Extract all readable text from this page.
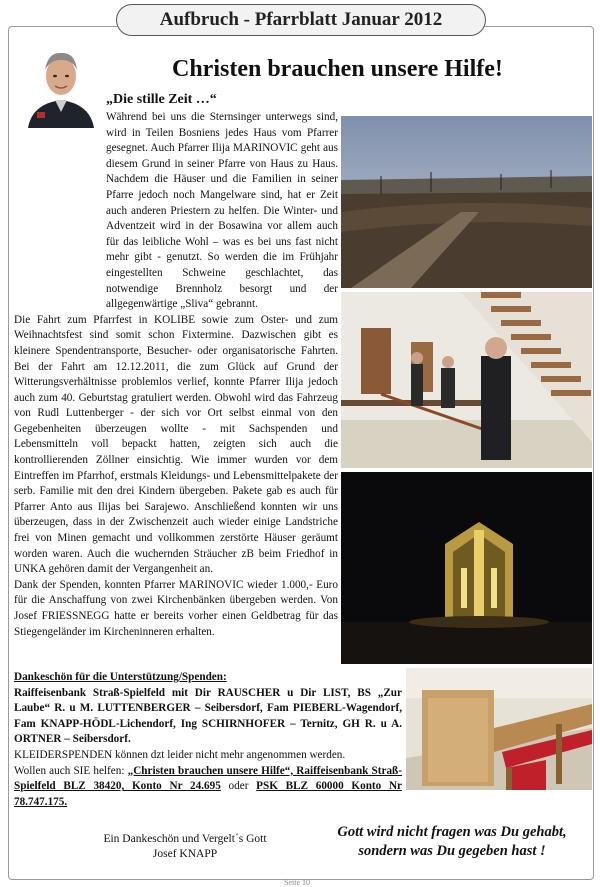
Aufbruch - Pfarrblatt Januar 2012
Christen brauchen unsere Hilfe!
„Die stille Zeit …“
Während bei uns die Sternsinger unterwegs sind, wird in Teilen Bosniens jedes Haus vom Pfarrer gesegnet. Auch Pfarrer Ilija MARINOVIC geht aus diesem Grund in seiner Pfarre von Haus zu Haus. Nachdem die Häuser und die Familien in seiner Pfarre jedoch noch Mangelware sind, hat er Zeit auch anderen Priestern zu helfen. Die Winter- und Adventzeit wird in der Bosawina vor allem auch für das leibliche Wohl – was es bei uns fast nicht mehr gibt - genutzt. So werden die im Frühjahr eingestellten Schweine geschlachtet, das notwendige Brennholz besorgt und der allgegenwärtige „Sliva“ gebrannt.
Die Fahrt zum Pfarrfest in KOLIBE sowie zum Oster- und zum Weihnachtsfest sind somit schon Fixtermine. Dazwischen gibt es kleinere Spendentransporte, Besucher- oder organisatorische Fahrten. Bei der Fahrt am 12.12.2011, die zum Glück auf Grund der Witterungsverhältnisse problemlos verlief, konnte Pfarrer Ilija jedoch auch zum 40. Geburtstag gratuliert werden. Obwohl wird das Fahrzeug von Rudl Luttenberger - der sich vor Ort selbst einmal von den Gegebenheiten überzeugen wollte - mit Sachspenden und Lebensmitteln voll bepackt hatten, zeigten sich auch die kontrollierenden Zöllner einsichtig. Wie immer wurden vor dem Eintreffen im Pfarrhof, erstmals Kleidungs- und Lebensmittelpakete der serb. Familie mit den drei Kindern übergeben. Pakete gab es auch für Pfarrer Anto aus Ilijas bei Sarajewo. Anschließend konnten wir uns überzeugen, dass in der Zwischenzeit auch wieder einige Landstriche frei von Minen gemacht und vollkommen zerstörte Häuser geräumt worden waren. Auch die wuchernden Sträucher zB beim Friedhof in UNKA gehören damit der Vergangenheit an.
Dank der Spenden, konnten Pfarrer MARINOVIC wieder 1.000,- Euro für die Anschaffung von zwei Kirchenbänken übergeben werden. Von Josef FRIESSNEGG hatte er bereits vorher einen Geldbetrag für das Stiegengeländer im Kircheninneren erhalten.
Dankeschön für die Unterstützung/Spenden:
Raiffeisenbank Straß-Spielfeld mit Dir RAUSCHER u Dir LIST, BS „Zur Laube“ R. u M. LUTTENBERGER – Seibersdorf, Fam PIEBERL-Wagendorf, Fam KNAPP-HÖDL-Lichendorf, Ing SCHIRNHOFER – Ternitz, GH R. u A. ORTNER – Seibersdorf.
KLEIDERSPENDEN können dzt leider nicht mehr angenommen werden.
Wollen auch SIE helfen: „Christen brauchen unsere Hilfe“, Raiffeisenbank Straß-Spielfeld BLZ 38420, Konto Nr 24.695 oder PSK BLZ 60000 Konto Nr 78.747.175.
Ein Dankeschön und Vergelt´s Gott
Josef KNAPP
Gott wird nicht fragen was Du gehabt,
sondern was Du gegeben hast !
Seite 10
